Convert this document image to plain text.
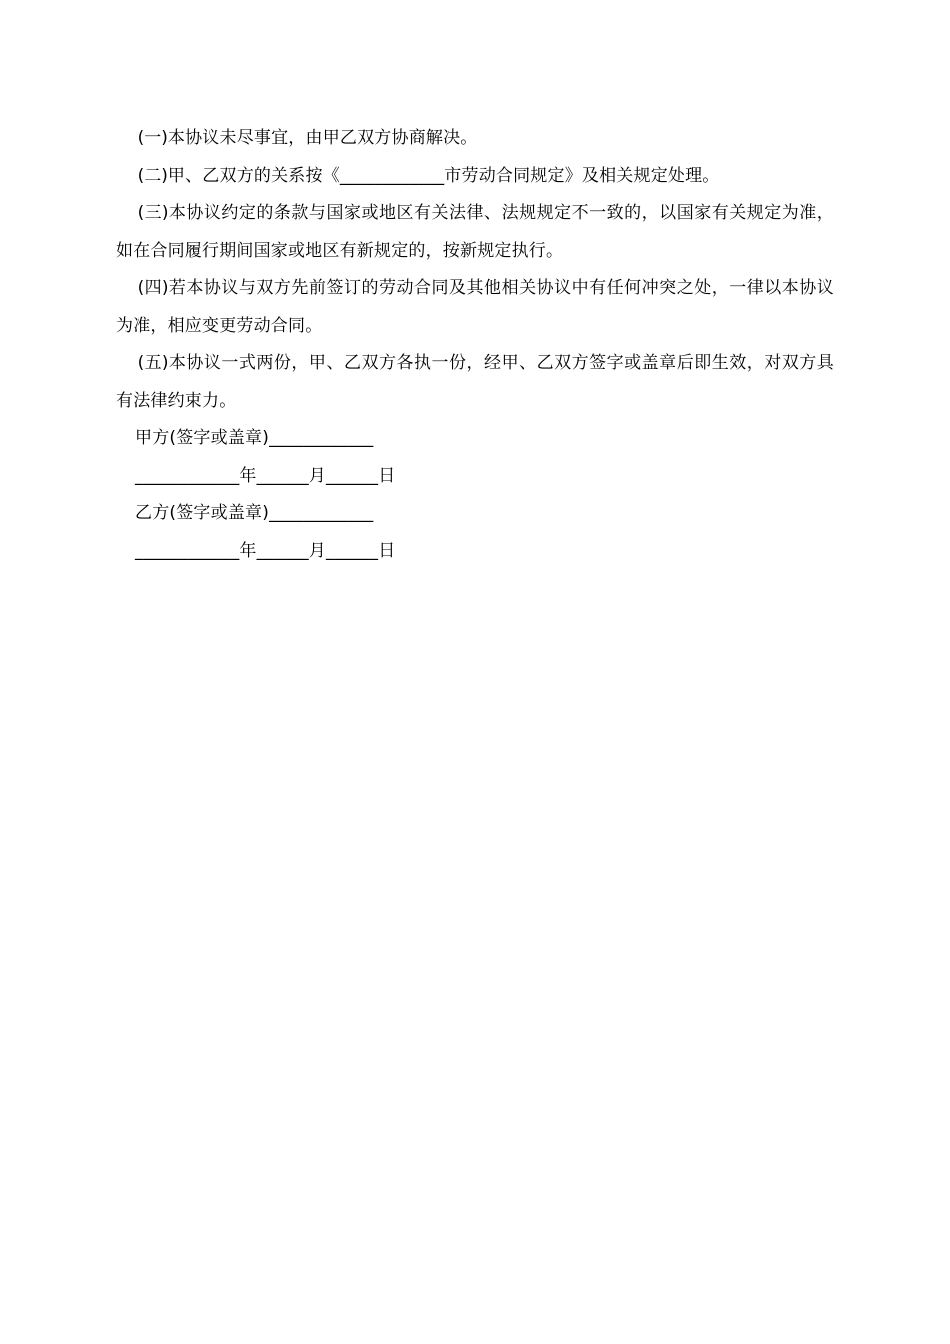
(一)本协议未尽事宜，由甲乙双方协商解决。

(二)甲、乙双方的关系按《____________市劳动合同规定》及相关规定处理。

(三)本协议约定的条款与国家或地区有关法律、法规规定不一致的，以国家有关规定为准，如在合同履行期间国家或地区有新规定的，按新规定执行。

(四)若本协议与双方先前签订的劳动合同及其他相关协议中有任何冲突之处，一律以本协议为准，相应变更劳动合同。

(五)本协议一式两份，甲、乙双方各执一份，经甲、乙双方签字或盖章后即生效，对双方具有法律约束力。

甲方(签字或盖章)____________

____________年______月______日

乙方(签字或盖章)____________

____________年______月______日
